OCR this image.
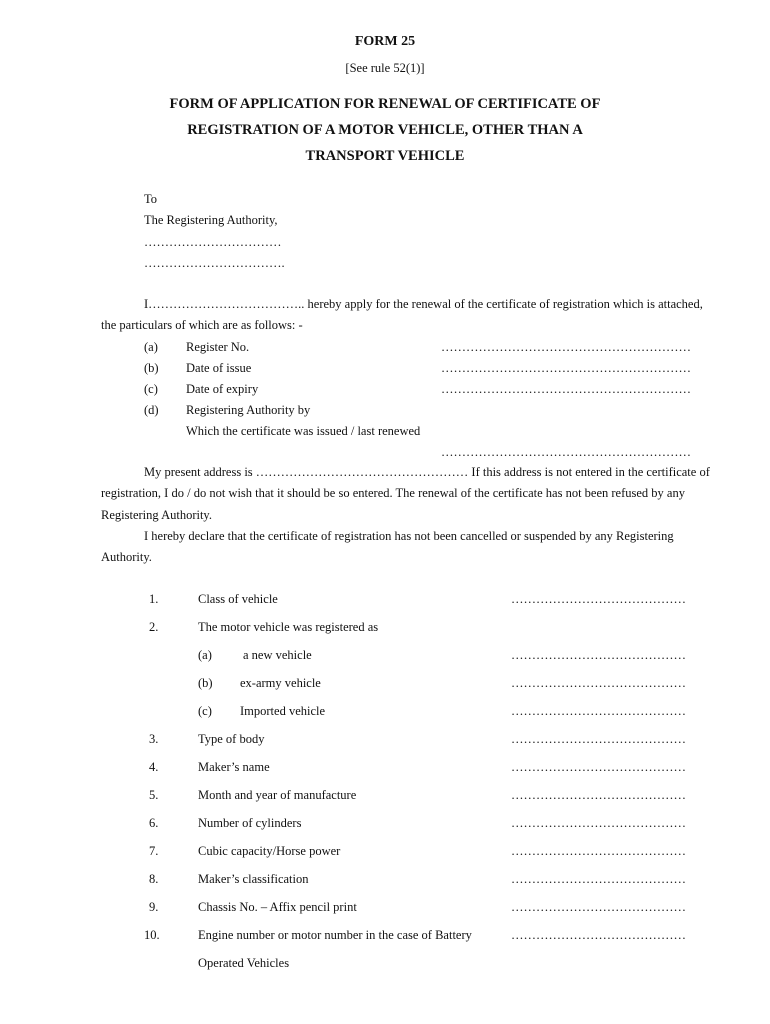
FORM 25
[See rule 52(1)]
FORM OF APPLICATION FOR RENEWAL OF CERTIFICATE OF
REGISTRATION OF A MOTOR VEHICLE, OTHER THAN A
TRANSPORT VEHICLE
To
The Registering Authority,
……………………………
…………………………….
I……………………………….. hereby apply for the renewal of the certificate of registration which is attached,
the particulars of which are as follows: -
(a) Register No.	……………………………………………………
(b) Date of issue	……………………………………………………
(c) Date of expiry	……………………………………………………
(d) Registering Authority by
Which the certificate was issued / last renewed
……………………………………………………
My present address is …………………………………………… If this address is not entered in the certificate of
registration, I do / do not wish that it should be so entered. The renewal of the certificate has not been refused by any
Registering Authority.
I hereby declare that the certificate of registration has not been cancelled or suspended by any Registering
Authority.
1.	Class of vehicle	……………………………………
2.	The motor vehicle was registered as
(a) a new vehicle	……………………………………
(b) ex-army vehicle	……………………………………
(c) Imported vehicle	……………………………………
3.	Type of body	……………………………………
4.	Maker’s name	……………………………………
5.	Month and year of manufacture	……………………………………
6.	Number of cylinders	……………………………………
7.	Cubic capacity/Horse power	……………………………………
8.	Maker’s classification	……………………………………
9.	Chassis No. – Affix pencil print	……………………………………
10.	Engine number or motor number in the case of Battery	……………………………………
Operated Vehicles
